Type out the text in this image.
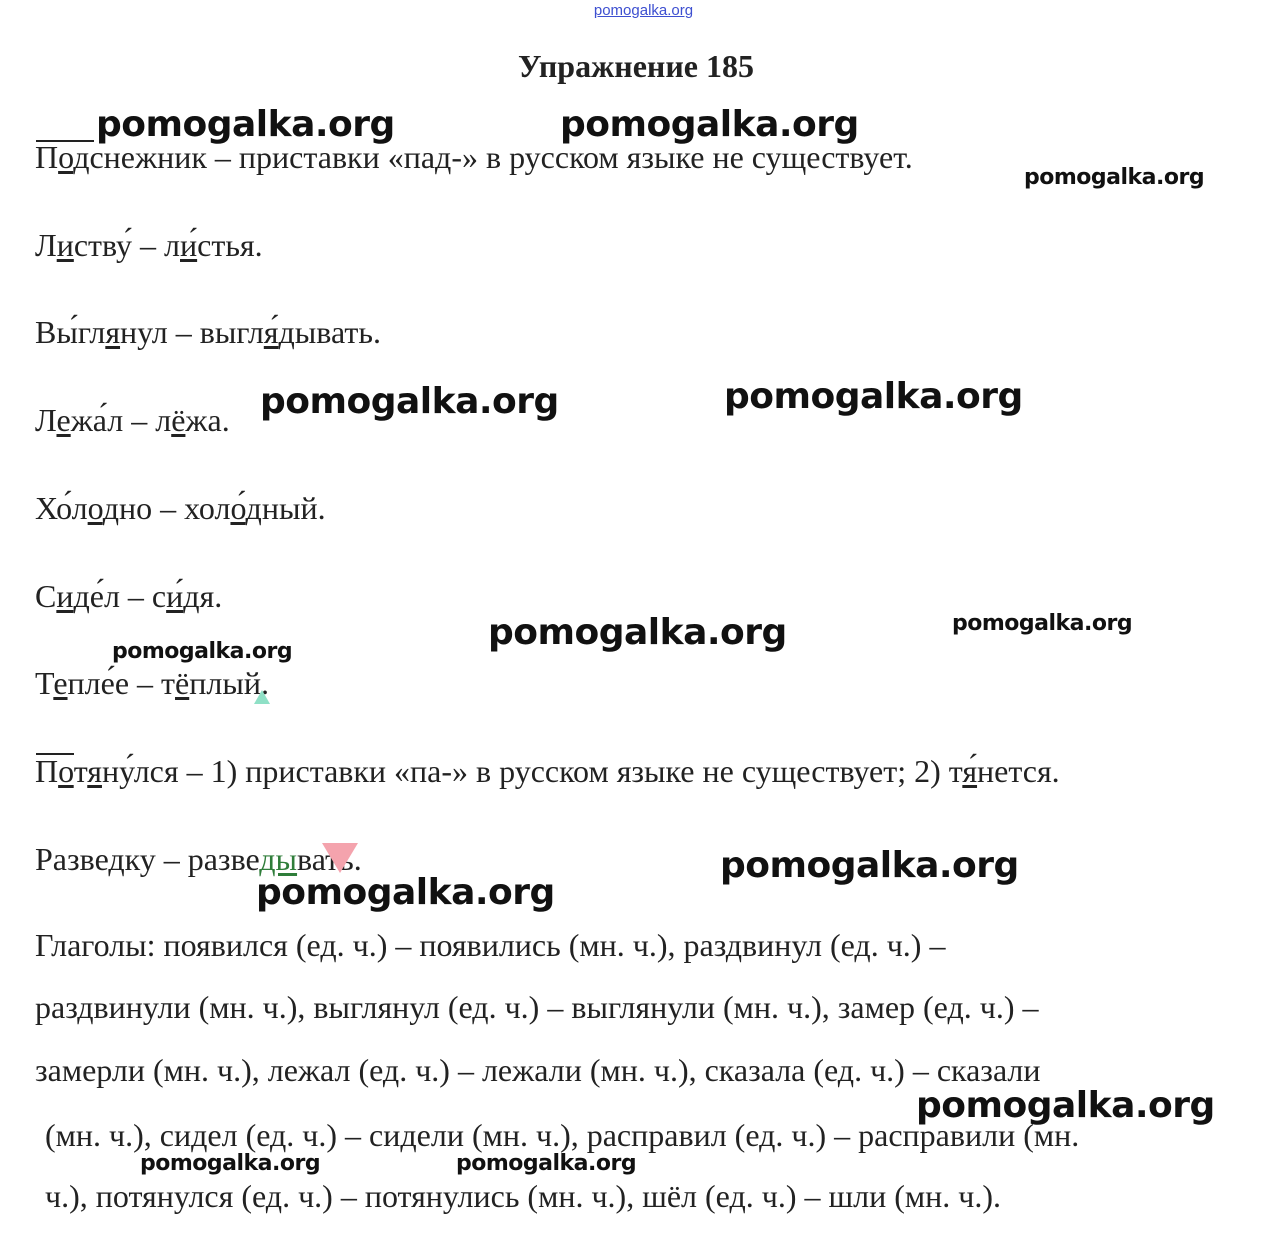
pomogalka.org
Упражнение 185
Подснежник – приставки «пад-» в русском языке не существует.
Листву́ – ли́стья.
Вы́глянул – выгля́дывать.
Лежа́л – лёжа.
Хо́лодно – холо́дный.
Сиде́л – си́дя.
Тепле́е – тёплый.
Потяну́лся – 1) приставки «па-» в русском языке не существует; 2) тя́нется.
Разведку – разведывать.
Глаголы: появился (ед. ч.) – появились (мн. ч.), раздвинул (ед. ч.) –
раздвинули (мн. ч.), выглянул (ед. ч.) – выглянули (мн. ч.), замер (ед. ч.) –
замерли (мн. ч.), лежал (ед. ч.) – лежали (мн. ч.), сказала (ед. ч.) – сказали
(мн. ч.), сидел (ед. ч.) – сидели (мн. ч.), расправил (ед. ч.) – расправили (мн.
ч.), потянулся (ед. ч.) – потянулись (мн. ч.), шёл (ед. ч.) – шли (мн. ч.).
pomogalka.org	pomogalka.org
pomogalka.org
pomogalka.org	pomogalka.org
pomogalka.org	pomogalka.org
pomogalka.org
pomogalka.org
pomogalka.org
pomogalka.org
pomogalka.org	pomogalka.org
